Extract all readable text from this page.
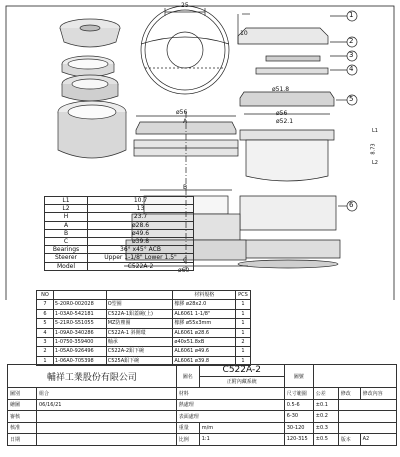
1
2
3
4
5
6
25
10
ø51.8
ø56
A
ø56
ø52.1
B
C
ø60
8.73
L1
L2
L1	10.7
L2	13
H	23.7
A	ø28.6
B	ø49.6
C	ø39.8
Bearings	36° x45° ACB
Steerer	Upper 1-1/8" Lower 1.5"
Model	C522A-2
NO			材料規格	PCS
7	5-20R0-002028	O型圈	橡膠 ø28x2.0	1
6	1-03A0-542181	C522A-1鋁蓋碗(上)	AL6061 1-1/8"	1
5	5-21R0-S51055	MZ防塵圈	橡膠 ø55x3mm	1
4	1-09A0-340286	C522A-1 斜開環	AL6061 ø28.6	1
3	1-0750-359400	軸承	ø40x51.8xB	2
2	1-05A0-926496	C522A-2鋁下碗	AL6061 ø49.6	1
1	1-06A0-705398	C525A鋁下碗	AL6061 ø39.8	1
輔祥工業股份有限公司		圖名	C522A-2	圖號			
			正附內藏系統				
圖別	組合	材料		尺寸範圍	公差	修改	修改內容
繪圖	06/16/21	熱處理		0.5-6	±0.1		
審核		表面處理		6-30	±0.2		
核准		重量	m/m	30-120	±0.3		
日期		比例	1:1	120-315	±0.5	版本	A2
